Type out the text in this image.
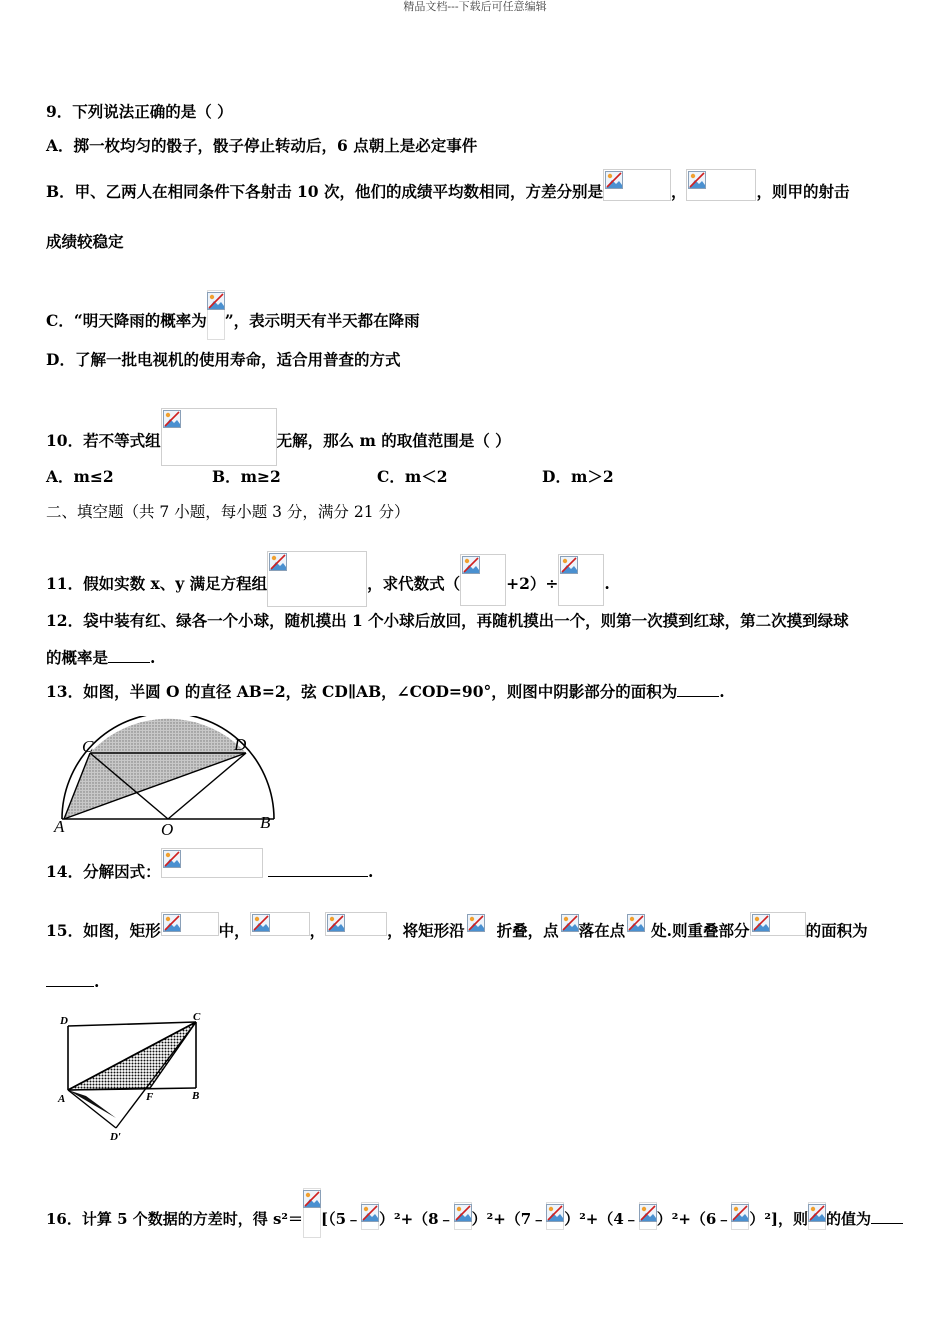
精品文档---下载后可任意编辑
9．下列说法正确的是（ ）
A．掷一枚均匀的骰子，骰子停止转动后，6 点朝上是必定事件
B．甲、乙两人在相同条件下各射击 10 次，他们的成绩平均数相同，方差分别是	，	，则甲的射击
成绩较稳定
C．“明天降雨的概率为 ”，表示明天有半天都在降雨
D．了解一批电视机的使用寿命，适合用普查的方式
10．若不等式组	无解，那么 m 的取值范围是（ ）
A．m≤2	B．m≥2	C．m＜2	D．m＞2
二、填空题（共 7 小题，每小题 3 分，满分 21 分）
11．假如实数 x、y 满足方程组	，求代数式（	+2）÷	.
12．袋中装有红、绿各一个小球，随机摸出 1 个小球后放回，再随机摸出一个，则第一次摸到红球，第二次摸到绿球
的概率是	.
13．如图，半圆 O 的直径 AB=2，弦 CD∥AB，∠COD=90°，则图中阴影部分的面积为	.
C	D
A	O	B
14．分解因式：	.
15．如图，矩形	中，	，	，将矩形沿 折叠，点 落在点 处.则重叠部分	的面积为
.
D	C
A	F	B
D′
16．计算 5 个数据的方差时，得 s²＝ [（5﹣ ）²+（8﹣ ）²+（7﹣ ）²+（4﹣ ）²+（6﹣ ）²]，则 的值为
